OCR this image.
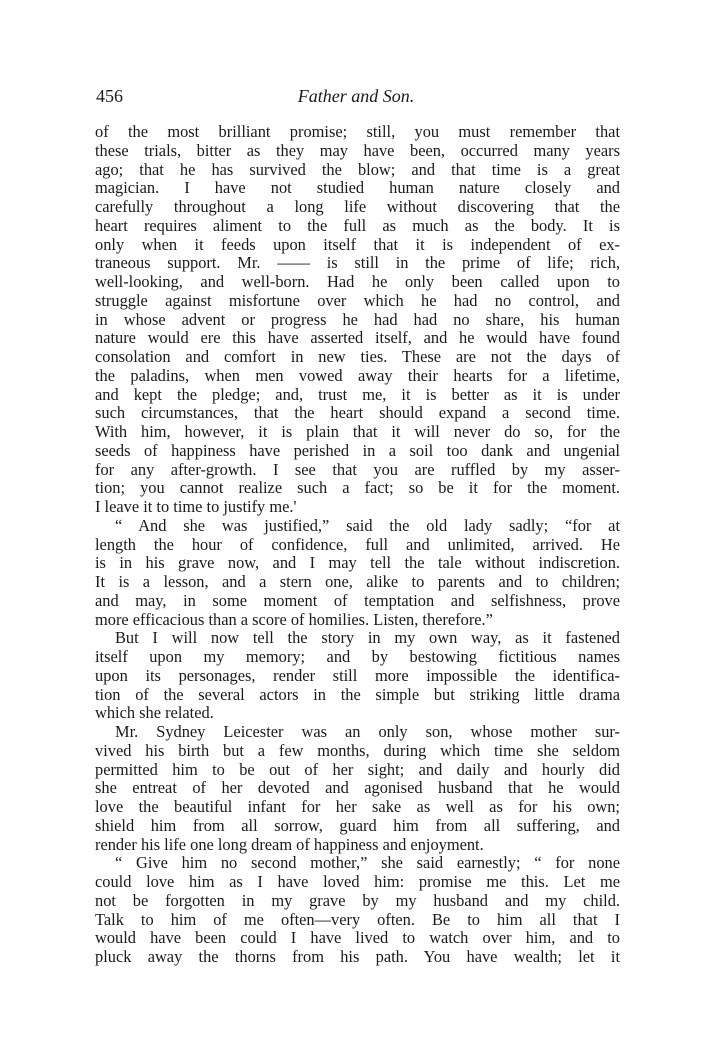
456	Father and Son.
of the most brilliant promise; still, you must remember that
these trials, bitter as they may have been, occurred many years
ago; that he has survived the blow; and that time is a great
magician. I have not studied human nature closely and
carefully throughout a long life without discovering that the
heart requires aliment to the full as much as the body. It is
only when it feeds upon itself that it is independent of ex-
traneous support. Mr. —— is still in the prime of life; rich,
well-looking, and well-born. Had he only been called upon to
struggle against misfortune over which he had no control, and
in whose advent or progress he had had no share, his human
nature would ere this have asserted itself, and he would have found
consolation and comfort in new ties. These are not the days of
the paladins, when men vowed away their hearts for a lifetime,
and kept the pledge; and, trust me, it is better as it is under
such circumstances, that the heart should expand a second time.
With him, however, it is plain that it will never do so, for the
seeds of happiness have perished in a soil too dank and ungenial
for any after-growth. I see that you are ruffled by my asser-
tion; you cannot realize such a fact; so be it for the moment.
I leave it to time to justify me.'
“ And she was justified,” said the old lady sadly; “for at
length the hour of confidence, full and unlimited, arrived. He
is in his grave now, and I may tell the tale without indiscretion.
It is a lesson, and a stern one, alike to parents and to children;
and may, in some moment of temptation and selfishness, prove
more efficacious than a score of homilies. Listen, therefore.”
But I will now tell the story in my own way, as it fastened
itself upon my memory; and by bestowing fictitious names
upon its personages, render still more impossible the identifica-
tion of the several actors in the simple but striking little drama
which she related.
Mr. Sydney Leicester was an only son, whose mother sur-
vived his birth but a few months, during which time she seldom
permitted him to be out of her sight; and daily and hourly did
she entreat of her devoted and agonised husband that he would
love the beautiful infant for her sake as well as for his own;
shield him from all sorrow, guard him from all suffering, and
render his life one long dream of happiness and enjoyment.
“ Give him no second mother,” she said earnestly; “ for none
could love him as I have loved him: promise me this. Let me
not be forgotten in my grave by my husband and my child.
Talk to him of me often—very often. Be to him all that I
would have been could I have lived to watch over him, and to
pluck away the thorns from his path. You have wealth; let it
